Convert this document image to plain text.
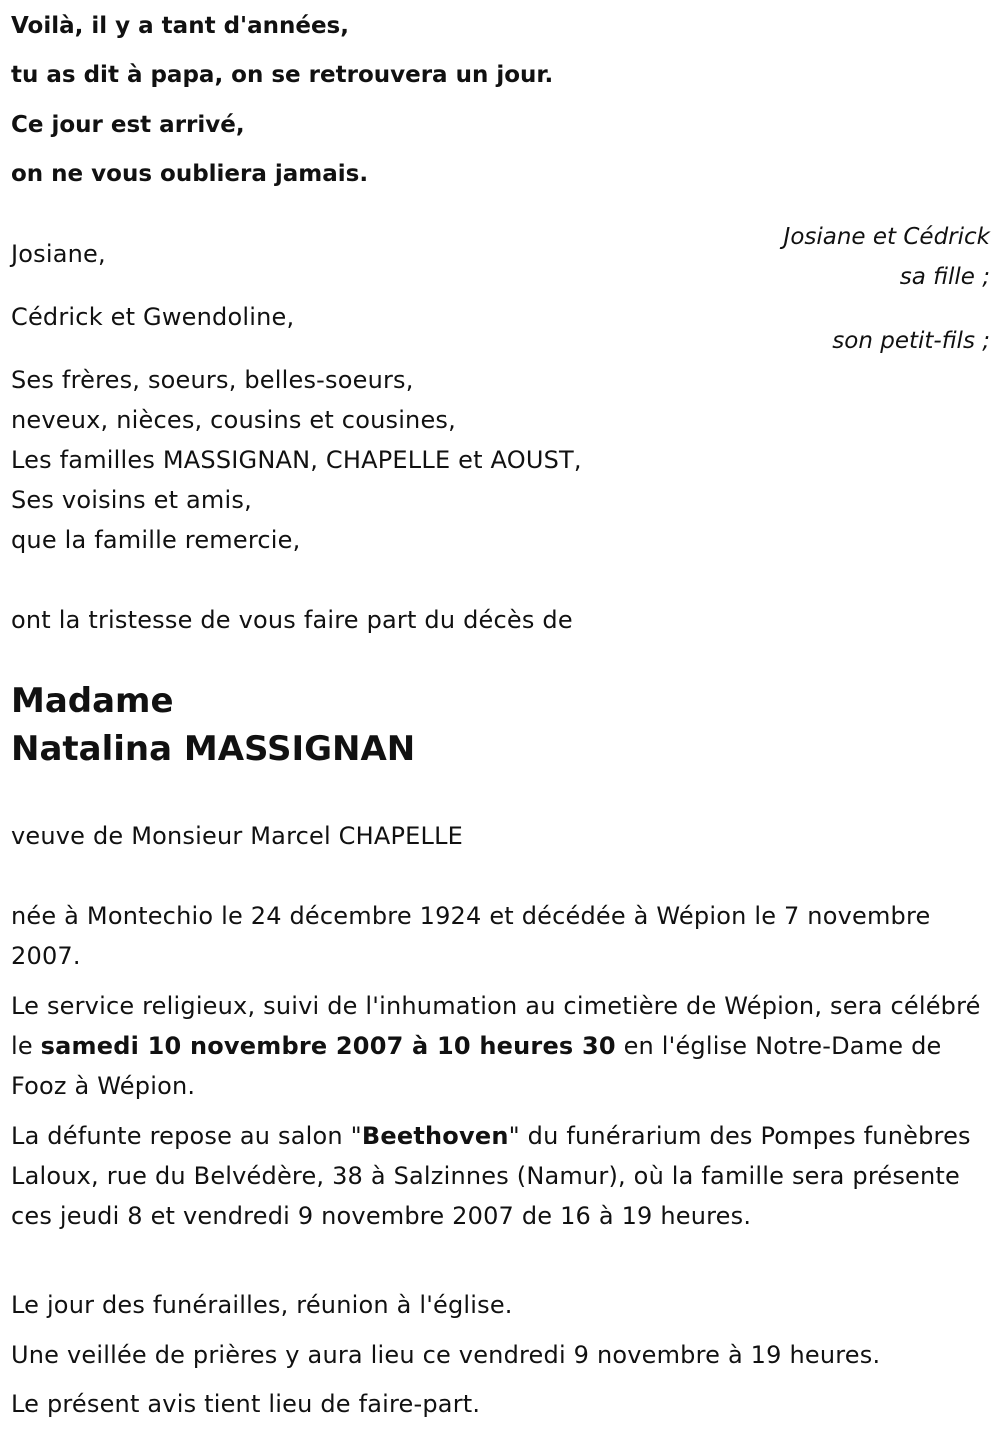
Voilà, il y a tant d'années,
tu as dit à papa, on se retrouvera un jour.
Ce jour est arrivé,
on ne vous oubliera jamais.
Josiane et Cédrick
sa fille ;
son petit-fils ;
Josiane,
Cédrick et Gwendoline,
Ses frères, soeurs, belles-soeurs,
neveux, nièces, cousins et cousines,
Les familles MASSIGNAN, CHAPELLE et AOUST,
Ses voisins et amis,
que la famille remercie,
ont la tristesse de vous faire part du décès de
Madame
Natalina MASSIGNAN
veuve de Monsieur Marcel CHAPELLE
née à Montechio le 24 décembre 1924 et décédée à Wépion le 7 novembre 2007.
Le service religieux, suivi de l'inhumation au cimetière de Wépion, sera célébré le samedi 10 novembre 2007 à 10 heures 30 en l'église Notre-Dame de Fooz à Wépion.
La défunte repose au salon "Beethoven" du funérarium des Pompes funèbres Laloux, rue du Belvédère, 38 à Salzinnes (Namur), où la famille sera présente ces jeudi 8 et vendredi 9 novembre 2007 de 16 à 19 heures.
Le jour des funérailles, réunion à l'église.
Une veillée de prières y aura lieu ce vendredi 9 novembre à 19 heures.
Le présent avis tient lieu de faire-part.
